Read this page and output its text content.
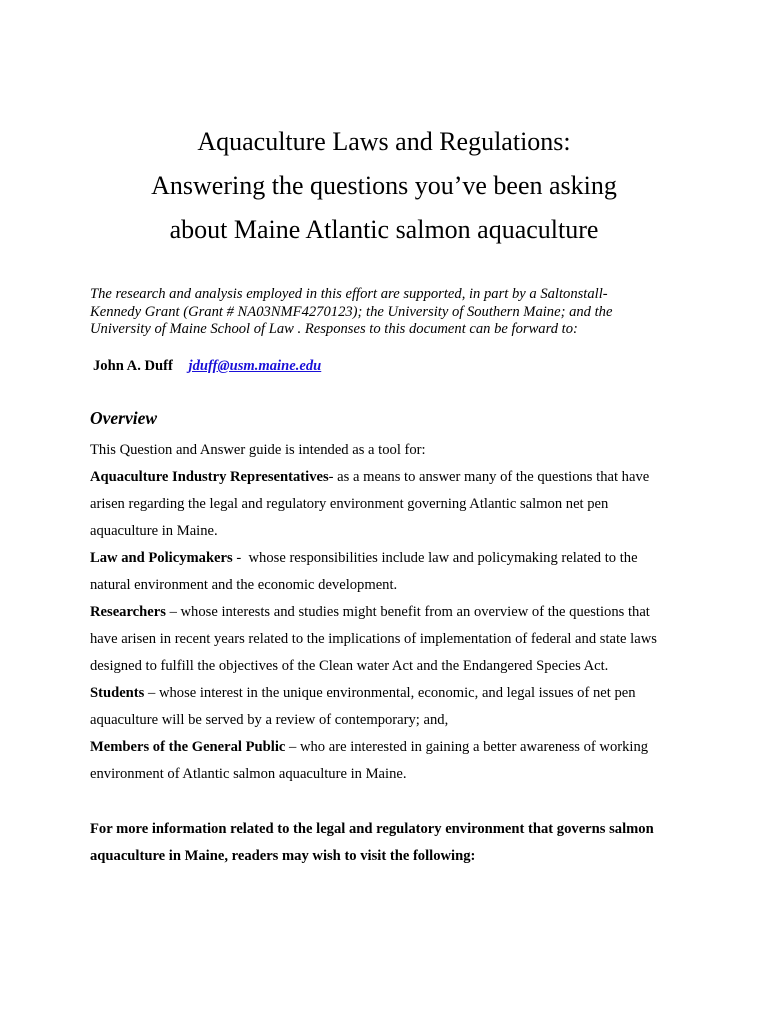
Aquaculture Laws and Regulations:
Answering the questions you’ve been asking
about Maine Atlantic salmon aquaculture
The research and analysis employed in this effort are supported, in part by a Saltonstall-
Kennedy Grant (Grant # NA03NMF4270123); the University of Southern Maine; and the
University of Maine School of Law . Responses to this document can be forward to:
John A. Duff jduff@usm.maine.edu
Overview

This Question and Answer guide is intended as a tool for:

Aquaculture Industry Representatives- as a means to answer many of the questions that have
arisen regarding the legal and regulatory environment governing Atlantic salmon net pen
aquaculture in Maine.

Law and Policymakers -  whose responsibilities include law and policymaking related to the
natural environment and the economic development.

Researchers – whose interests and studies might benefit from an overview of the questions that
have arisen in recent years related to the implications of implementation of federal and state laws
designed to fulfill the objectives of the Clean water Act and the Endangered Species Act.

Students – whose interest in the unique environmental, economic, and legal issues of net pen
aquaculture will be served by a review of contemporary; and,

Members of the General Public – who are interested in gaining a better awareness of working
environment of Atlantic salmon aquaculture in Maine.

For more information related to the legal and regulatory environment that governs salmon
aquaculture in Maine, readers may wish to visit the following:
